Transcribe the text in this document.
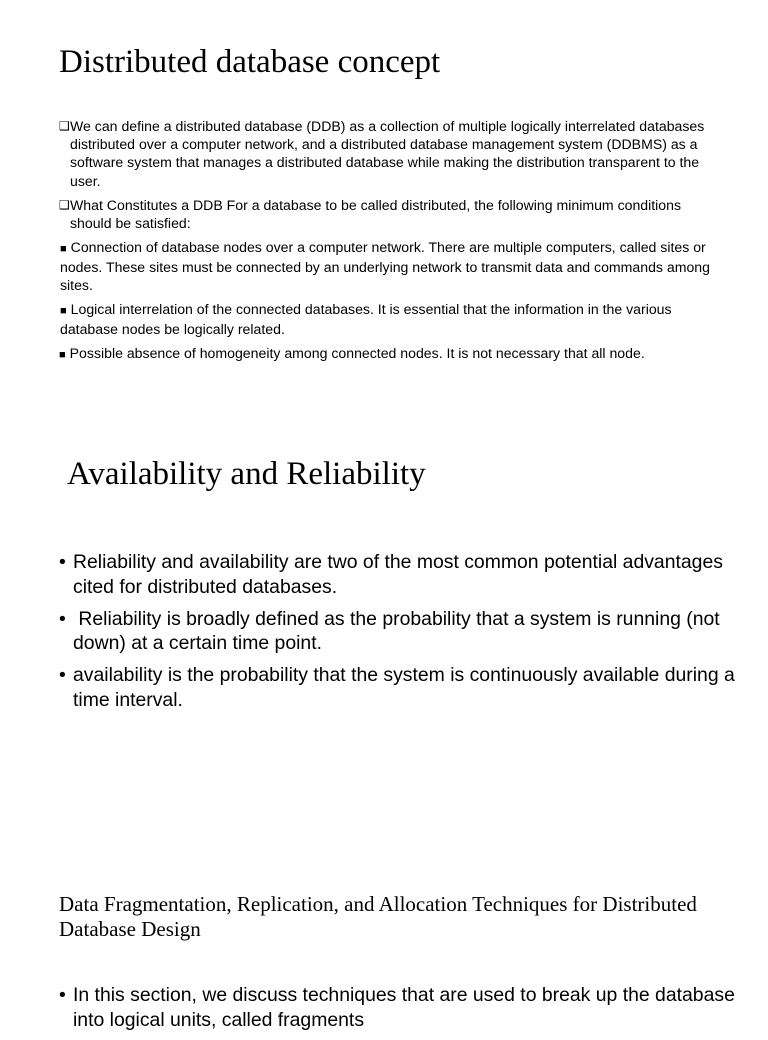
Distributed database concept
❑ We can define a distributed database (DDB) as a collection of multiple logically interrelated databases distributed over a computer network, and a distributed database management system (DDBMS) as a software system that manages a distributed database while making the distribution transparent to the user.
❑ What Constitutes a DDB For a database to be called distributed, the following minimum conditions should be satisfied:
■ Connection of database nodes over a computer network. There are multiple computers, called sites or nodes. These sites must be connected by an underlying network to transmit data and commands among sites.
■ Logical interrelation of the connected databases. It is essential that the information in the various database nodes be logically related.
■ Possible absence of homogeneity among connected nodes. It is not necessary that all node.
Availability and Reliability
• Reliability and availability are two of the most common potential advantages cited for distributed databases.
• Reliability is broadly defined as the probability that a system is running (not down) at a certain time point.
• availability is the probability that the system is continuously available during a time interval.
Data Fragmentation, Replication, and Allocation Techniques for Distributed Database Design
• In this section, we discuss techniques that are used to break up the database into logical units, called fragments
